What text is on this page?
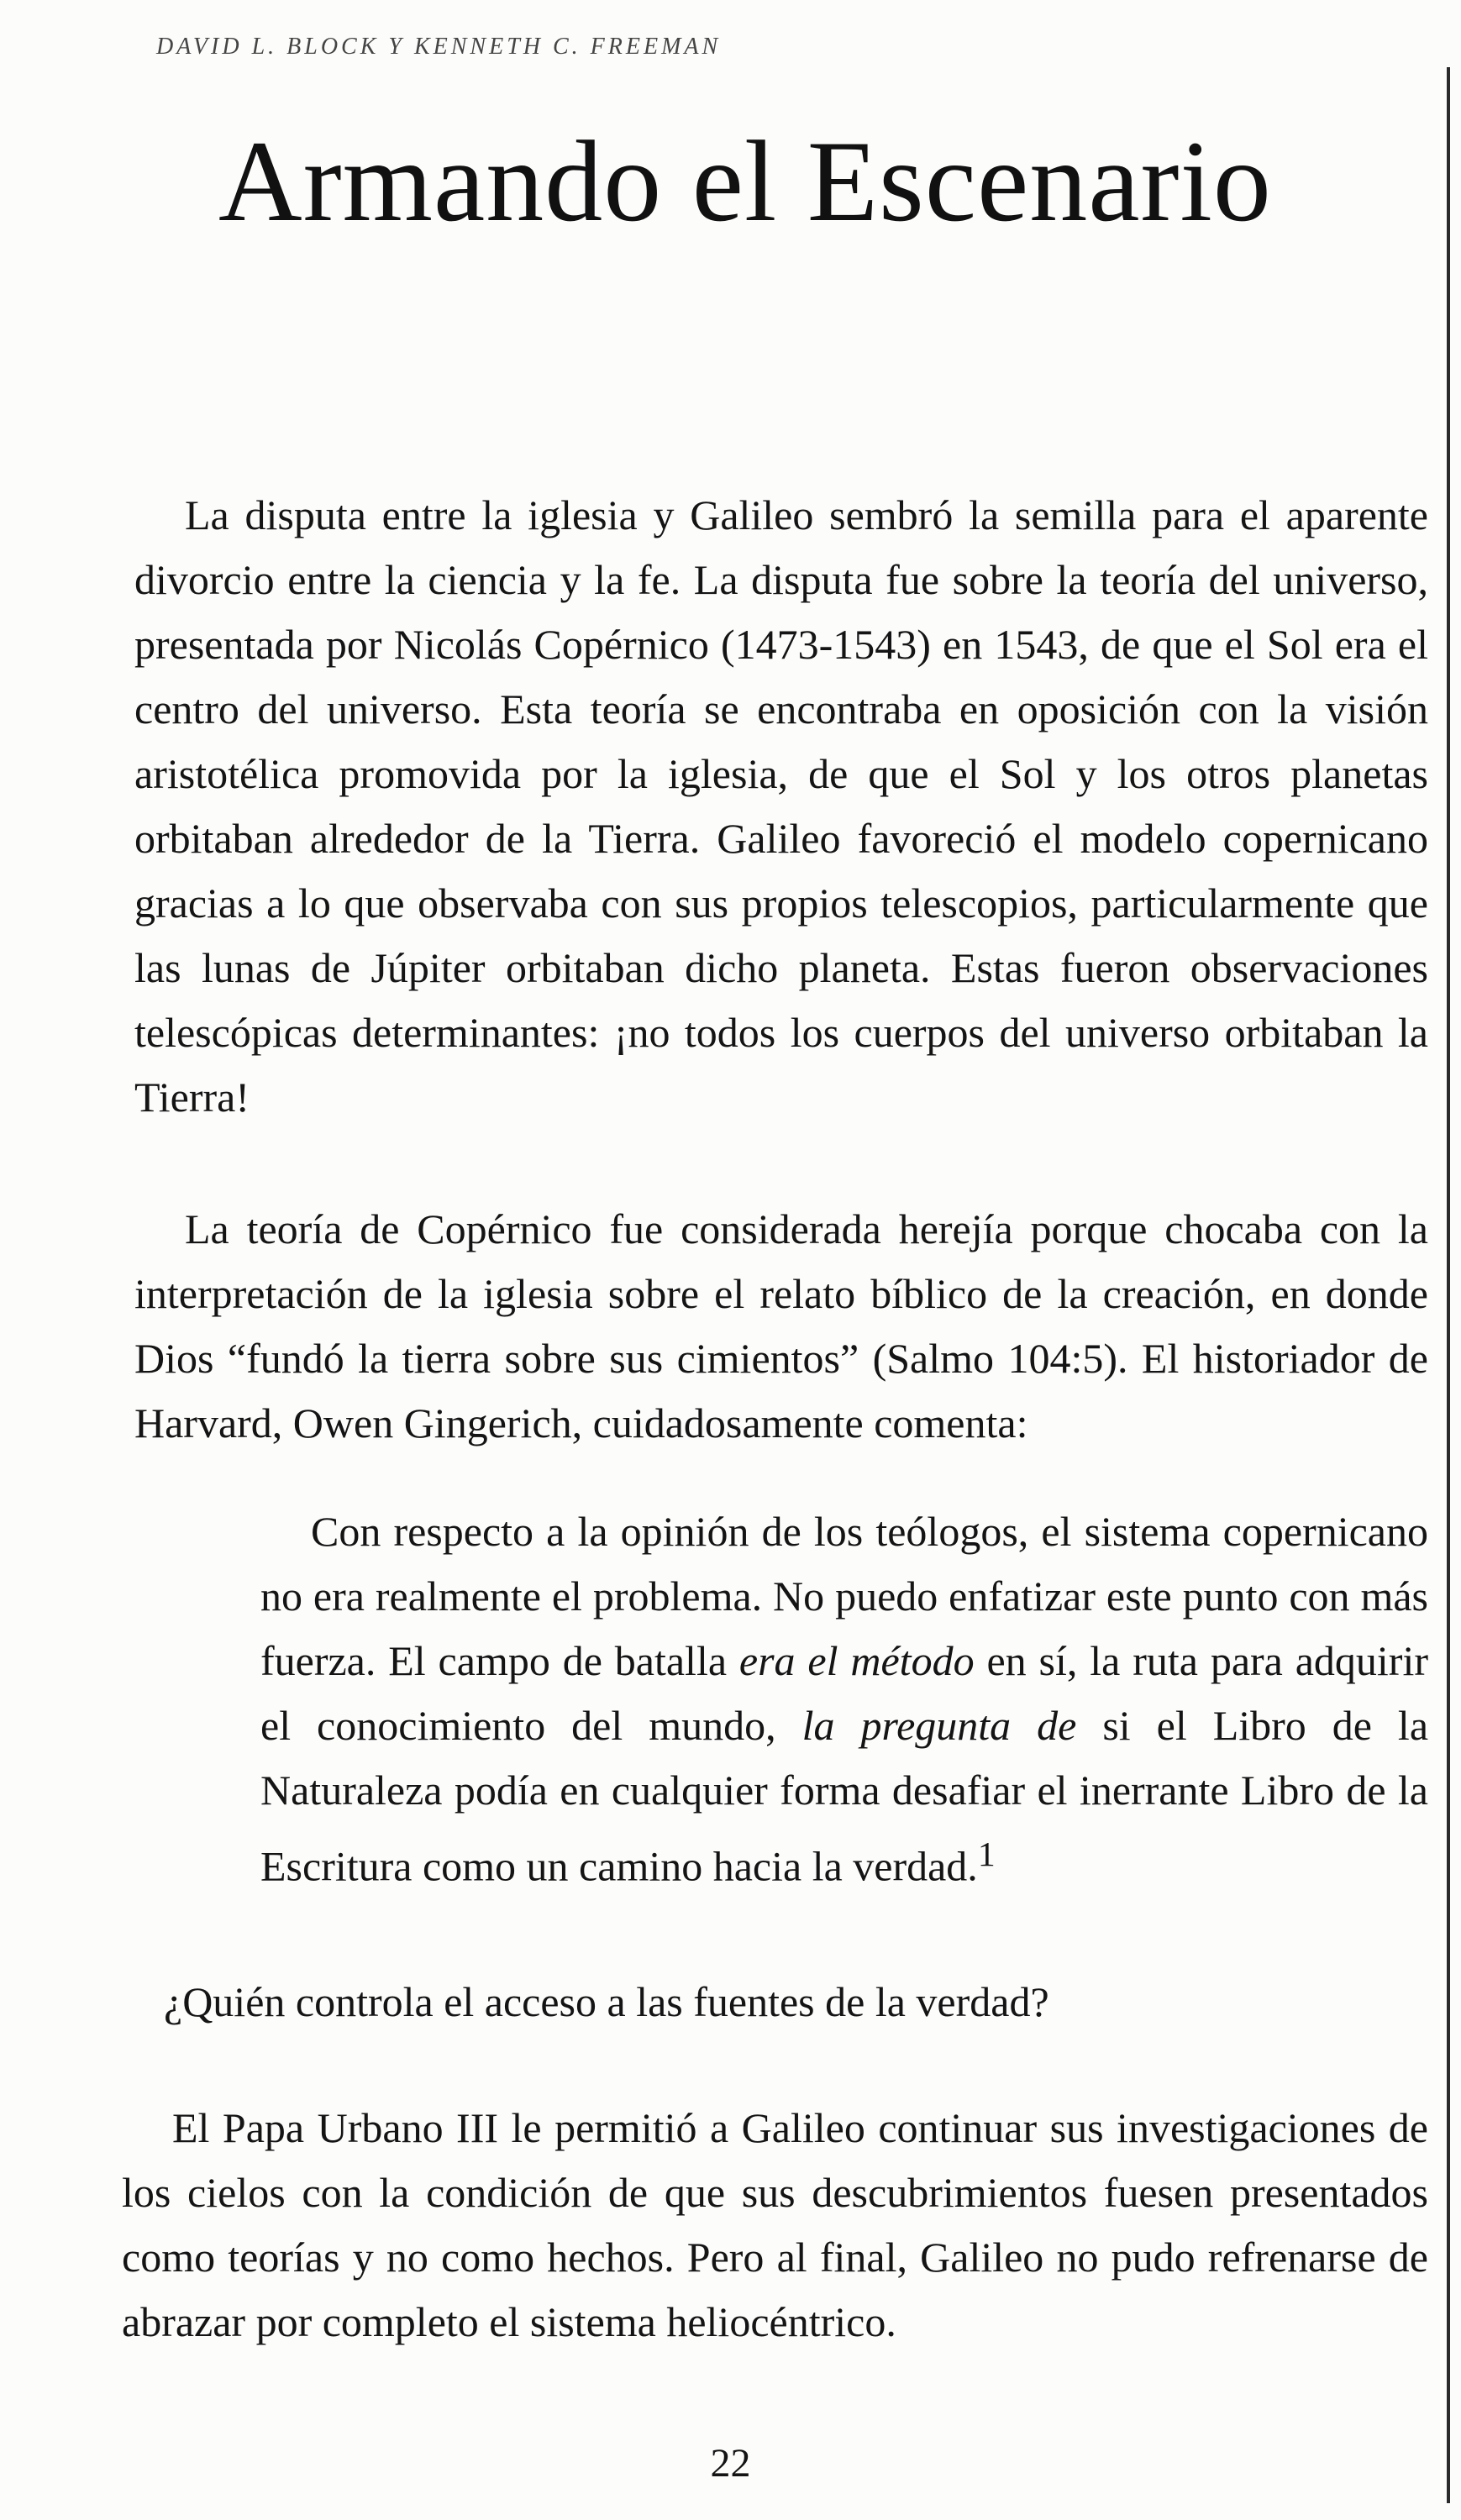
DAVID L. BLOCK Y KENNETH C. FREEMAN
Armando el Escenario

La disputa entre la iglesia y Galileo sembró la semilla para el aparente divorcio entre la ciencia y la fe. La disputa fue sobre la teoría del universo, presentada por Nicolás Copérnico (1473-1543) en 1543, de que el Sol era el centro del universo. Esta teoría se encontraba en oposición con la visión aristotélica promovida por la iglesia, de que el Sol y los otros planetas orbitaban alrededor de la Tierra. Galileo favoreció el modelo copernicano gracias a lo que observaba con sus propios telescopios, particularmente que las lunas de Júpiter orbitaban dicho planeta. Estas fueron observaciones telescópicas determinantes: ¡no todos los cuerpos del universo orbitaban la Tierra!

La teoría de Copérnico fue considerada herejía porque chocaba con la interpretación de la iglesia sobre el relato bíblico de la creación, en donde Dios “fundó la tierra sobre sus cimientos” (Salmo 104:5). El historiador de Harvard, Owen Gingerich, cuidadosamente comenta:

Con respecto a la opinión de los teólogos, el sistema copernicano no era realmente el problema. No puedo enfatizar este punto con más fuerza. El campo de batalla era el método en sí, la ruta para adquirir el conocimiento del mundo, la pregunta de si el Libro de la Naturaleza podía en cualquier forma desafiar el inerrante Libro de la Escritura como un camino hacia la verdad.$^1$

¿Quién controla el acceso a las fuentes de la verdad?

El Papa Urbano III le permitió a Galileo continuar sus investigaciones de los cielos con la condición de que sus descubrimientos fuesen presentados como teorías y no como hechos. Pero al final, Galileo no pudo refrenarse de abrazar por completo el sistema heliocéntrico.

22
